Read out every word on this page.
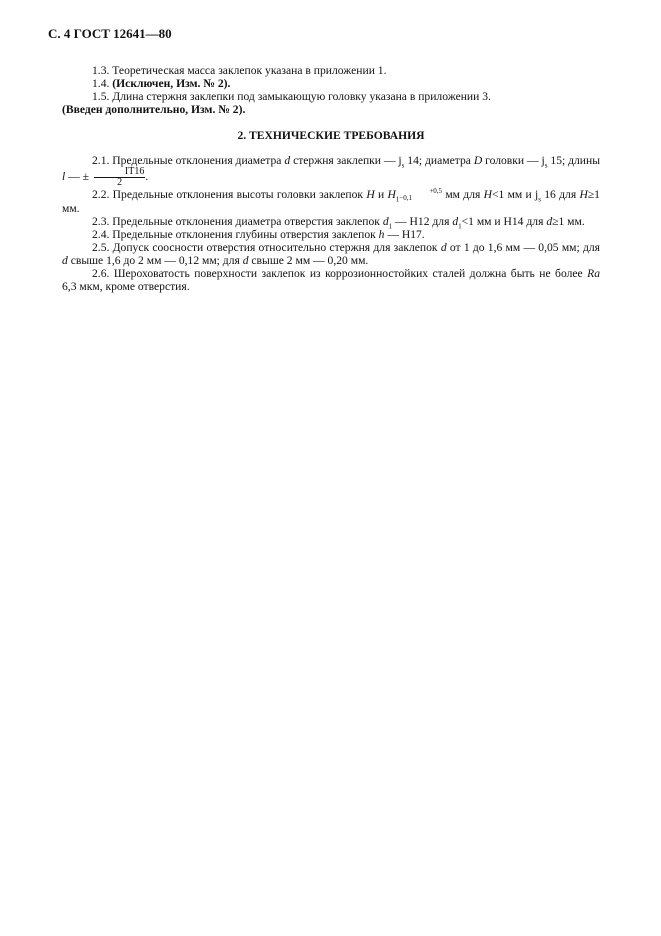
С. 4 ГОСТ 12641—80

1.3. Теоретическая масса заклепок указана в приложении 1.

1.4. (Исключен, Изм. № 2).

1.5. Длина стержня заклепки под замыкающую головку указана в приложении 3.

(Введен дополнительно, Изм. № 2).

2. ТЕХНИЧЕСКИЕ ТРЕБОВАНИЯ

2.1. Предельные отклонения диаметра d стержня заклепки — $j_s$ 14; диаметра D головки — $j_s$ 15; длины l — ± $\frac{IT16}{2}$.

2.2. Предельные отклонения высоты головки заклепок H и $H_1+0,5$
−0,1	мм для H<1 мм и $j_s$ 16 для H≥1 мм.

2.3. Предельные отклонения диаметра отверстия заклепок $d_1$ — H12 для $d_1<1$ мм и H14 для d≥1 мм.

2.4. Предельные отклонения глубины отверстия заклепок h — H17.

2.5. Допуск соосности отверстия относительно стержня для заклепок d от 1 до 1,6 мм — 0,05 мм; для d свыше 1,6 до 2 мм — 0,12 мм; для d свыше 2 мм — 0,20 мм.

2.6. Шероховатость поверхности заклепок из коррозионностойких сталей должна быть не более Ra 6,3 мкм, кроме отверстия.
